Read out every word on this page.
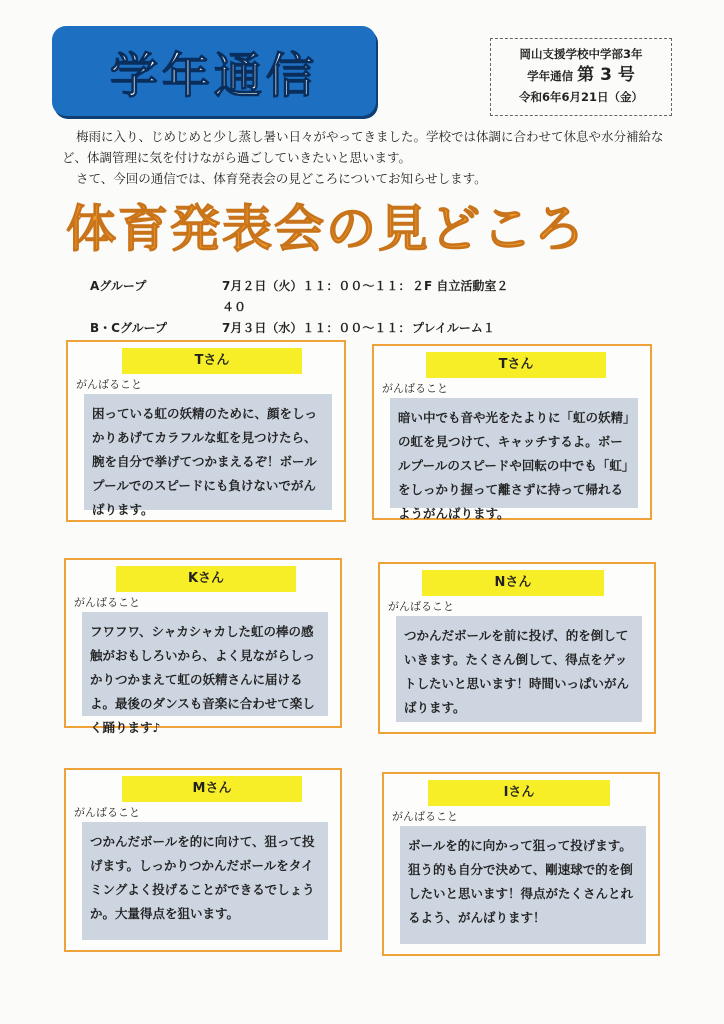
学年通信	岡山支援学校中学部3年
学年通信 第 3 号
令和6年6月21日（金）

梅雨に入り、じめじめと少し蒸し暑い日々がやってきました。学校では体調に合わせて休息や水分補給など、体調管理に気を付けながら過ごしていきたいと思います。

さて、今回の通信では、体育発表会の見どころについてお知らせします。

体育発表会の見どころ
Aグループ	7月２日（火）１１：００～１１：４０
２F 自立活動室２
B・Cグループ	7月３日（水）１１：００～１１： プレイルーム１
Tさん
がんばること
困っている虹の妖精のために、顔をしっかりあげてカラフルな虹を見つけたら、腕を自分で挙げてつかまえるぞ！ボールプールでのスピードにも負けないでがんばります。
Tさん
がんばること
暗い中でも音や光をたよりに「虹の妖精」の虹を見つけて、キャッチするよ。ボールプールのスピードや回転の中でも「虹」をしっかり握って離さずに持って帰れるようがんばります。
Kさん
がんばること
フワフワ、シャカシャカした虹の棒の感触がおもしろいから、よく見ながらしっかりつかまえて虹の妖精さんに届けるよ。最後のダンスも音楽に合わせて楽しく踊ります♪
Nさん
がんばること
つかんだボールを前に投げ、的を倒していきます。たくさん倒して、得点をゲットしたいと思います！時間いっぱいがんばります。
Mさん
がんばること
つかんだボールを的に向けて、狙って投げます。しっかりつかんだボールをタイミングよく投げることができるでしょうか。大量得点を狙います。
Iさん
がんばること
ボールを的に向かって狙って投げます。狙う的も自分で決めて、剛速球で的を倒したいと思います！得点がたくさんとれるよう、がんばります！
